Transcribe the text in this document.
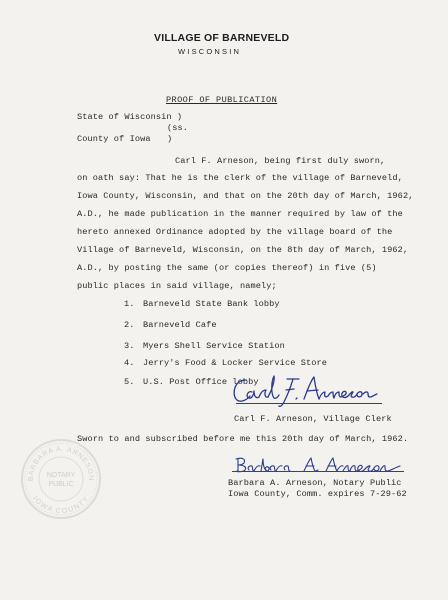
VILLAGE OF BARNEVELD
WISCONSIN
PROOF OF PUBLICATION
State of Wisconsin )
(ss.
County of Iowa )
Carl F. Arneson, being first duly sworn,
on oath say: That he is the clerk of the village of Barneveld,
Iowa County, Wisconsin, and that on the 20th day of March, 1962,
A.D., he made publication in the manner required by law of the
hereto annexed Ordinance adopted by the village board of the
Village of Barneveld, Wisconsin, on the 8th day of March, 1962,
A.D., by posting the same (or copies thereof) in five (5)
public places in said village, namely;
1. Barneveld State Bank lobby
2. Barneveld Cafe
3. Myers Shell Service Station
4. Jerry's Food & Locker Service Store
5. U.S. Post Office lobby
Carl F. Arneson, Village Clerk
Sworn to and subscribed before me this 20th day of March, 1962.
BARBARA A. ARNESON
IOWA COUNTY
NOTARY
PUBLIC	Barbara A. Arneson, Notary Public
Iowa County, Comm. expires 7-29-62
